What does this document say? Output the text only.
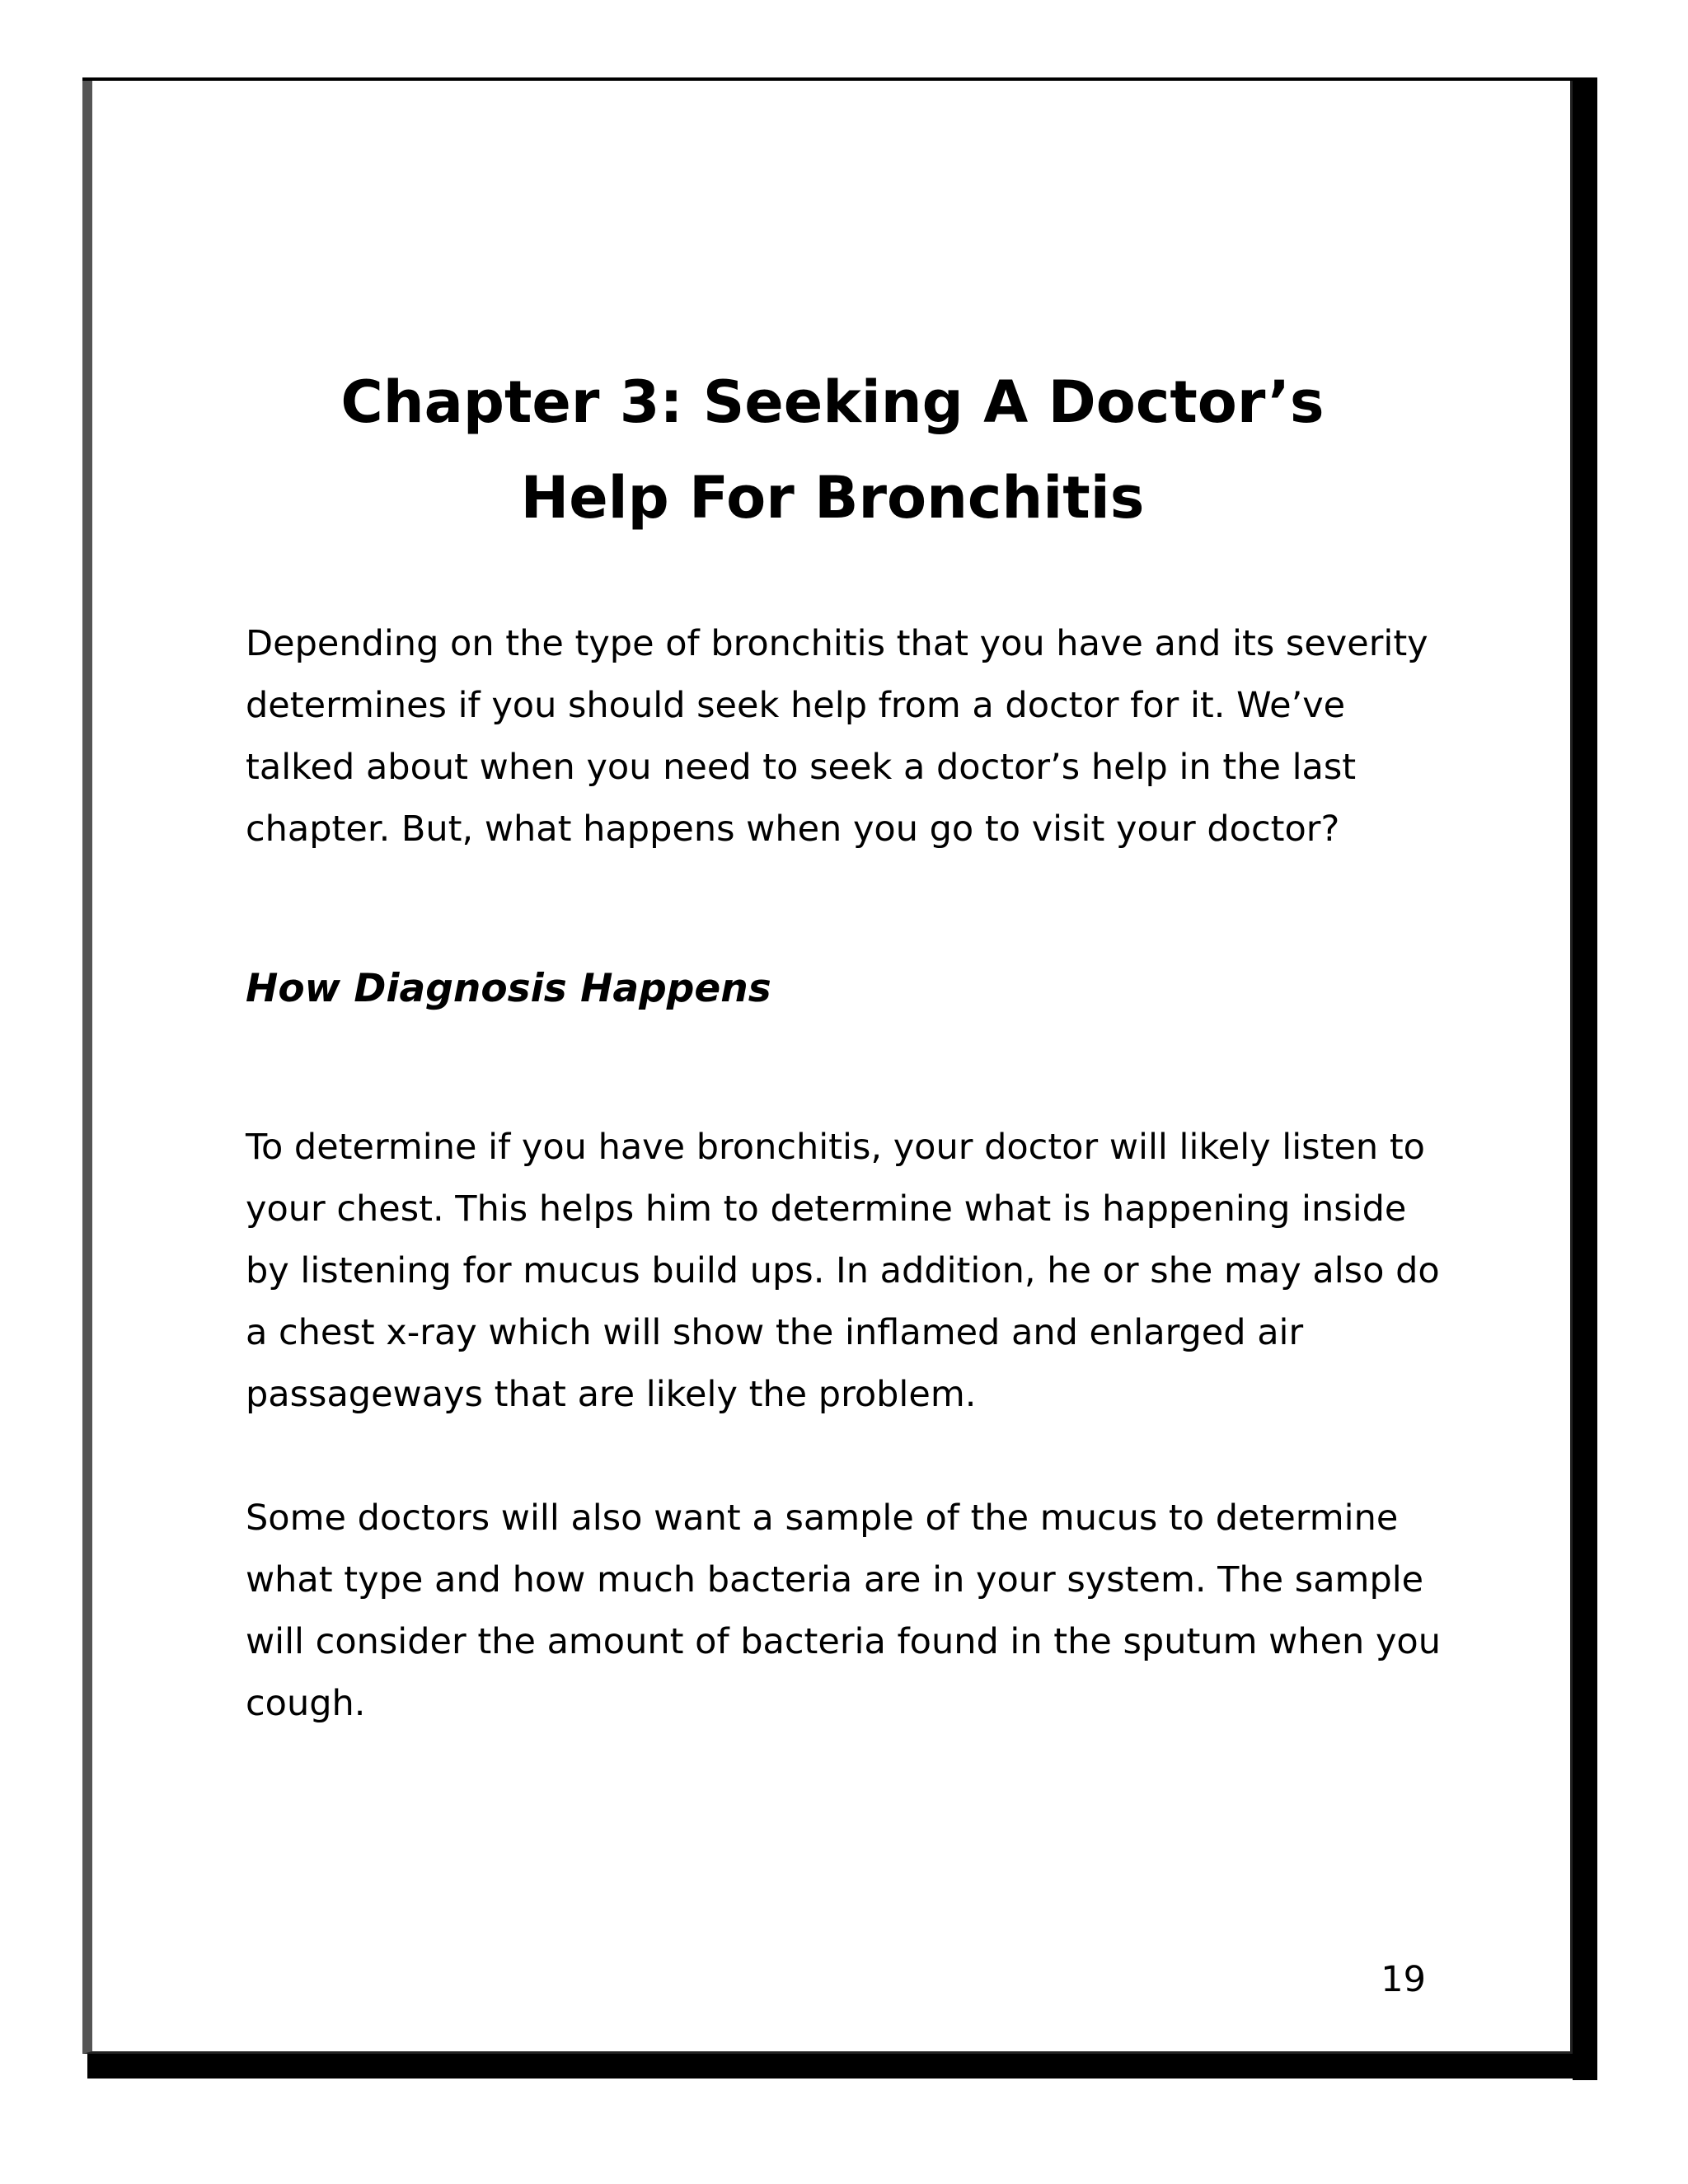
Chapter 3: Seeking A Doctor’s
Help For Bronchitis

Depending on the type of bronchitis that you have and its severity determines if you should seek help from a doctor for it. We’ve talked about when you need to seek a doctor’s help in the last chapter. But, what happens when you go to visit your doctor?

How Diagnosis Happens

To determine if you have bronchitis, your doctor will likely listen to your chest. This helps him to determine what is happening inside by listening for mucus build ups. In addition, he or she may also do a chest x-ray which will show the inflamed and enlarged air passageways that are likely the problem.

Some doctors will also want a sample of the mucus to determine what type and how much bacteria are in your system. The sample will consider the amount of bacteria found in the sputum when you cough.

19
